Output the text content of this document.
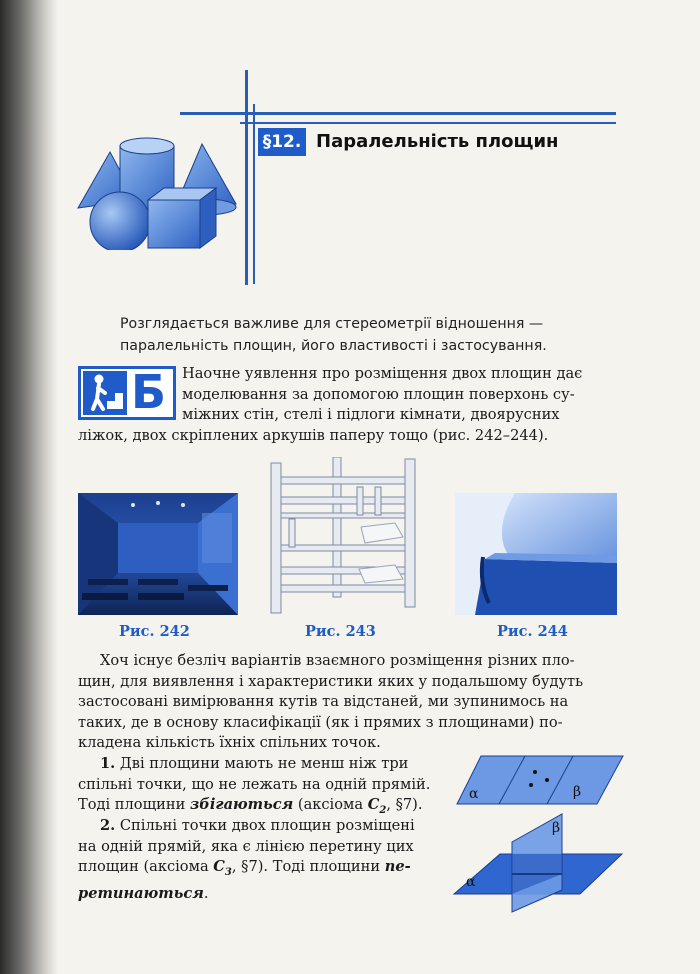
§12. Паралельність площин

Розглядається важливе для стереометрії відношення —

паралельність площин, його властивості і застосування.

Б	Наочне уявлення про розміщення двох площин дає
моделювання за допомогою площин поверхонь су-
міжних стін, стелі і підлоги кімнати, двоярусних
ліжок, двох скріплених аркушів паперу тощо (рис. 242–244).
Рис. 242	Рис. 243	Рис. 244
Хоч існує безліч варіантів взаємного розміщення різних пло-
щин, для виявлення і характеристики яких у подальшому будуть
застосовані вимірювання кутів та відстаней, ми зупинимось на
таких, де в основу класифікації (як і прямих з площинами) по-
кладена кількість їхніх спільних точок.
1. Дві площини мають не менш ніж три
спільні точки, що не лежать на одній прямій.
Тоді площини збігаються (аксіома $C_2$, §7).
2. Спільні точки двох площин розміщені
на одній прямій, яка є лінією перетину цих
площин (аксіома $C_3$, §7). Тоді площини пе-
ретинаються.
α	β
α
β
